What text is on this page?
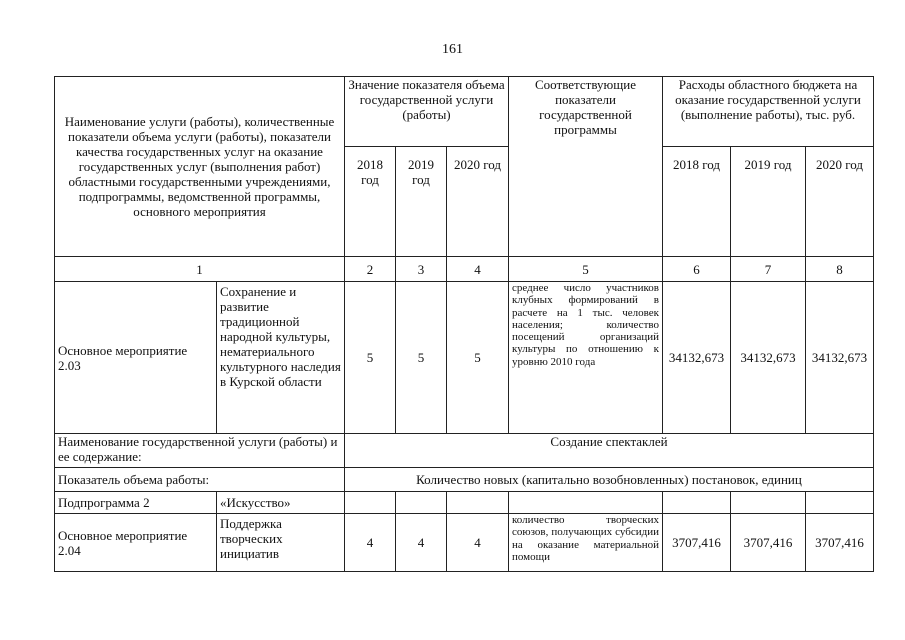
161
Наименование услуги (работы), количественные показатели объема услуги (работы), показатели качества государственных услуг на оказание государственных услуг (выполнения работ) областными государственными учреждениями, подпрограммы, ведомственной программы, основного мероприятия		Значение показателя объема государственной услуги (работы)			Соответствующие показатели государственной программы	Расходы областного бюджета на оказание государственной услуги (выполнение работы), тыс. руб.		
		2018 год	2019 год	2020 год		2018 год	2019 год	2020 год
1		2	3	4	5	6	7	8
Основное мероприятие 2.03	Сохранение и развитие традиционной народной культуры, нематериального культурного наследия в Курской области	5	5	5	среднее число участников клубных формирований в расчете на 1 тыс. человек населения; количество посещений организаций культуры по отношению к уровню 2010 года	34132,673	34132,673	34132,673
Наименование государственной услуги (работы) и ее содержание:		Создание спектаклей						
Показатель объема работы:		Количество новых (капитально возобновленных) постановок, единиц						
Подпрограмма 2	«Искусство»							
Основное мероприятие 2.04	Поддержка творческих инициатив	4	4	4	количество творческих союзов, получающих субсидии на оказание материальной помощи	3707,416	3707,416	3707,416
